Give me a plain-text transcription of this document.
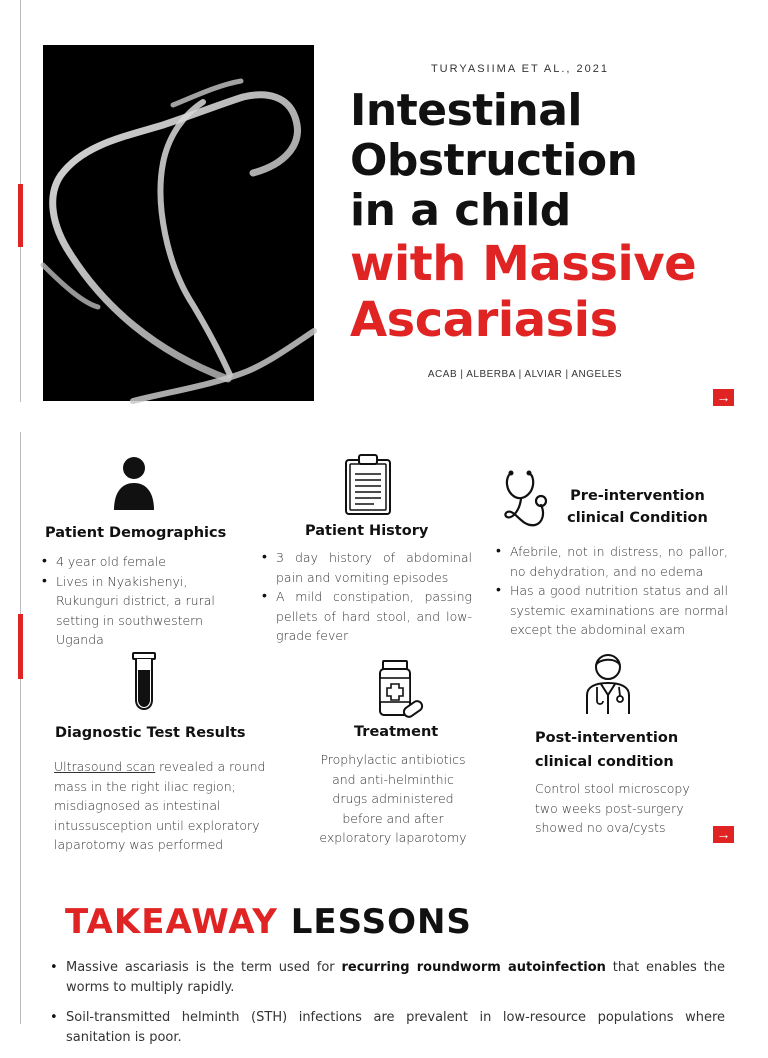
TURYASIIMA ET AL., 2021
Intestinal
Obstruction
in a child
with Massive
Ascariasis
ACAB | ALBERBA | ALVIAR | ANGELES
→
Patient Demographics
• 4 year old female
• Lives in Nyakishenyi, Rukunguri district, a rural setting in southwestern Uganda
Patient History
• 3 day history of abdominal pain and vomiting episodes
• A mild constipation, passing pellets of hard stool, and low-grade fever
Pre-intervention
clinical Condition
• Afebrile, not in distress, no pallor, no dehydration, and no edema
• Has a good nutrition status and all systemic examinations are normal except the abdominal exam
Diagnostic Test Results
Ultrasound scan revealed a round mass in the right iliac region; misdiagnosed as intestinal intussusception until exploratory laparotomy was performed
Treatment
Prophylactic antibiotics and anti-helminthic drugs administered before and after exploratory laparotomy
Post-intervention
clinical condition
Control stool microscopy two weeks post-surgery showed no ova/cysts	→
TAKEAWAY LESSONS
• Massive ascariasis is the term used for recurring roundworm autoinfection that enables the worms to multiply rapidly.
• Soil-transmitted helminth (STH) infections are prevalent in low-resource populations where sanitation is poor.
